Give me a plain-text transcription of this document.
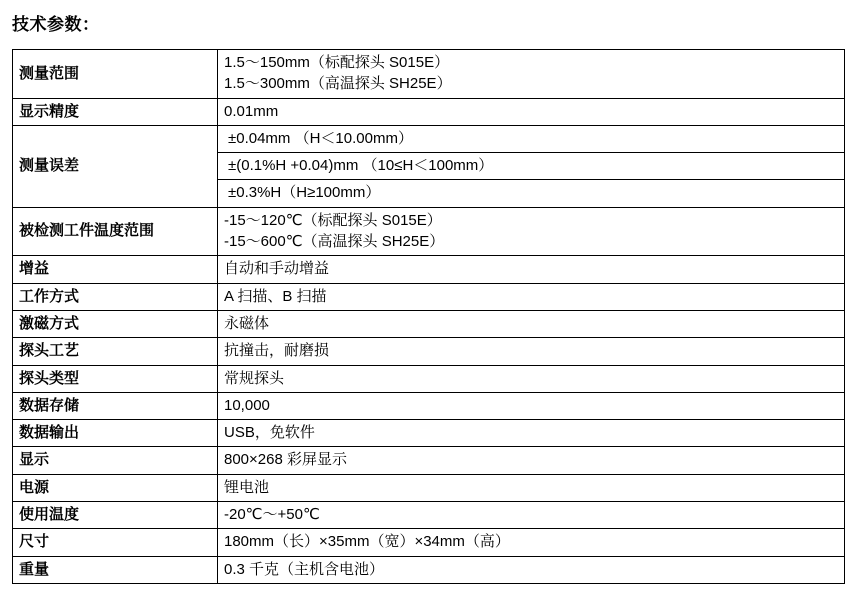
技术参数：
测量范围	
1.5～150mm（标配探头 S015E）
1.5～300mm（高温探头 SH25E）

显示精度	0.01mm
测量误差	
±0.04mm （H＜10.00mm）
±(0.1%H +0.04)mm （10≤H＜100mm）
±0.3%H（H≥100mm）

被检测工件温度范围	
-15～120℃（标配探头 S015E）
-15～600℃（高温探头 SH25E）

增益	自动和手动增益
工作方式	A 扫描、B 扫描
激磁方式	永磁体
探头工艺	抗撞击，耐磨损
探头类型	常规探头
数据存储	10,000
数据输出	USB，免软件
显示	800×268 彩屏显示
电源	锂电池
使用温度	-20℃～+50℃
尺寸	180mm（长）×35mm（宽）×34mm（高）
重量	0.3 千克（主机含电池）
